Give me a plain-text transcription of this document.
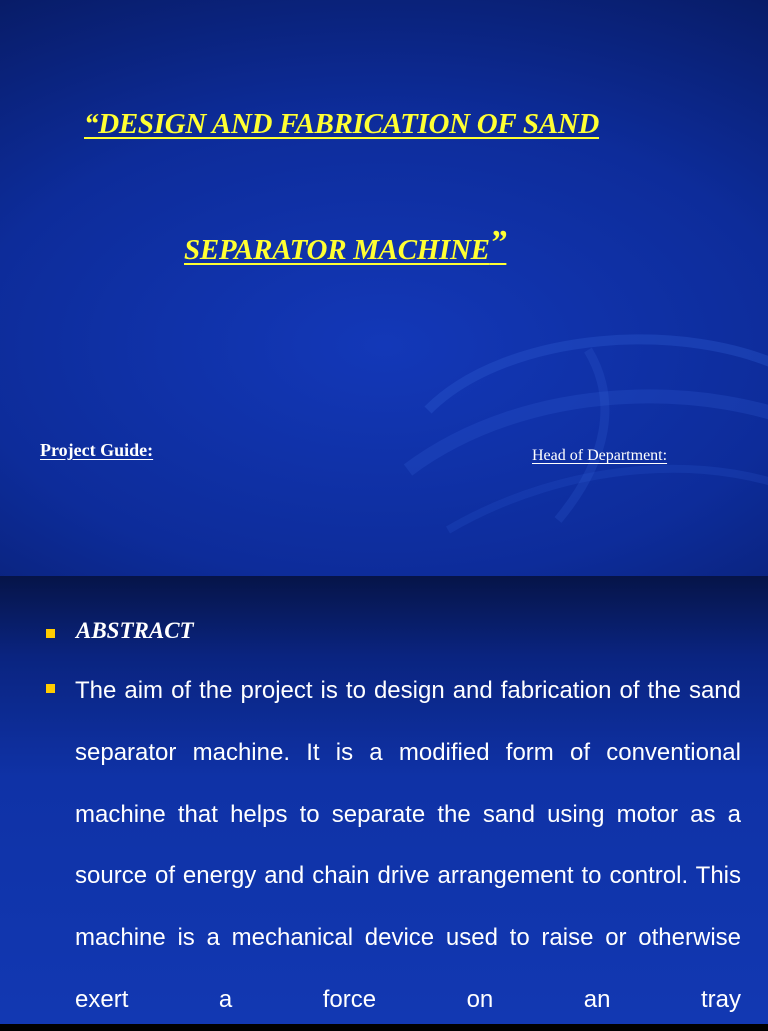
“DESIGN AND FABRICATION OF SAND
SEPARATOR MACHINE”
Project Guide:	Head of Department:
ABSTRACT
The aim of the project is to design and fabrication of the sand separator machine. It is a modified form of conventional machine that helps to separate the sand using motor as a source of energy and chain drive arrangement to control. This machine is a mechanical device used to raise or otherwise exert a force on an tray
